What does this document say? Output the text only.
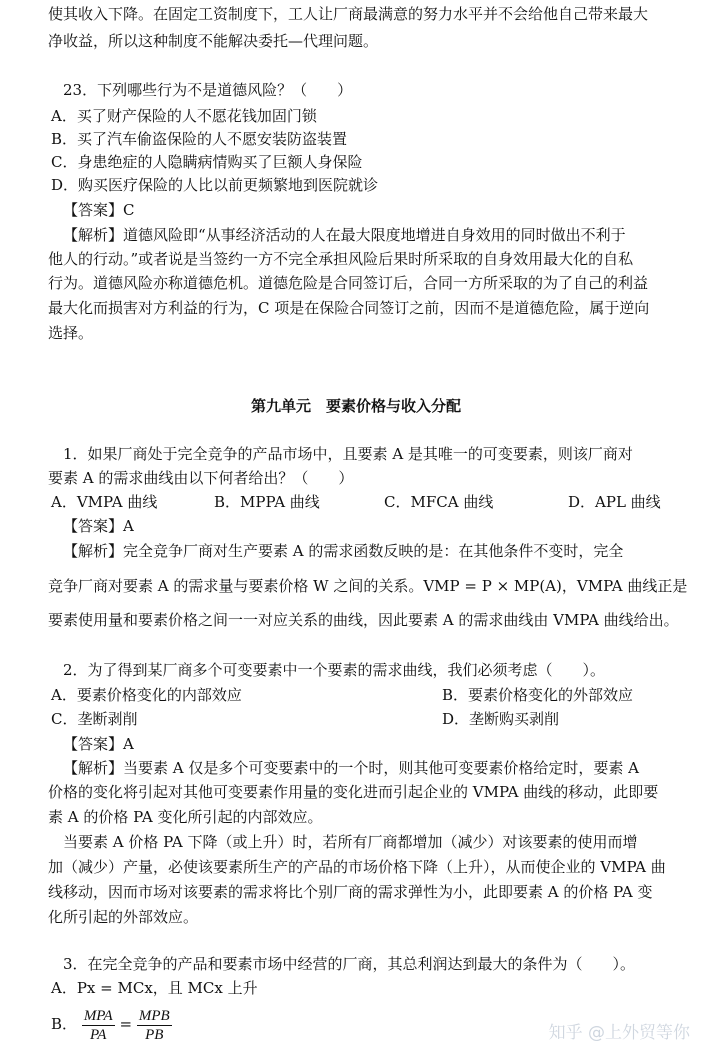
使其收入下降。在固定工资制度下，工人让厂商最满意的努力水平并不会给他自己带来最大
净收益，所以这种制度不能解决委托—代理问题。
23．下列哪些行为不是道德风险？（　　）
A．买了财产保险的人不愿花钱加固门锁
B．买了汽车偷盗保险的人不愿安装防盗装置
C．身患绝症的人隐瞒病情购买了巨额人身保险
D．购买医疗保险的人比以前更频繁地到医院就诊
【答案】C
【解析】道德风险即“从事经济活动的人在最大限度地增进自身效用的同时做出不利于
他人的行动。”或者说是当签约一方不完全承担风险后果时所采取的自身效用最大化的自私
行为。道德风险亦称道德危机。道德危险是合同签订后，合同一方所采取的为了自己的利益
最大化而损害对方利益的行为，C 项是在保险合同签订之前，因而不是道德危险，属于逆向
选择。
第九单元　要素价格与收入分配
1．如果厂商处于完全竞争的产品市场中，且要素 A 是其唯一的可变要素，则该厂商对
要素 A 的需求曲线由以下何者给出？（　　）
A．VMPA 曲线	B．MPPA 曲线	C．MFCA 曲线	D．APL 曲线
【答案】A
【解析】完全竞争厂商对生产要素 A 的需求函数反映的是：在其他条件不变时，完全
竞争厂商对要素 A 的需求量与要素价格 W 之间的关系。VMP = P × MP(A)，VMPA 曲线正是
要素使用量和要素价格之间一一对应关系的曲线，因此要素 A 的需求曲线由 VMPA 曲线给出。
2．为了得到某厂商多个可变要素中一个要素的需求曲线，我们必须考虑（　　）。
A．要素价格变化的内部效应	B．要素价格变化的外部效应
C．垄断剥削	D．垄断购买剥削
【答案】A
【解析】当要素 A 仅是多个可变要素中的一个时，则其他可变要素价格给定时，要素 A
价格的变化将引起对其他可变要素作用量的变化进而引起企业的 VMPA 曲线的移动，此即要
素 A 的价格 PA 变化所引起的内部效应。
当要素 A 价格 PA 下降（或上升）时，若所有厂商都增加（减少）对该要素的使用而增
加（减少）产量，必使该要素所生产的产品的市场价格下降（上升），从而使企业的 VMPA 曲
线移动，因而市场对该要素的需求将比个别厂商的需求弹性为小，此即要素 A 的价格 PA 变
化所引起的外部效应。
3．在完全竞争的产品和要素市场中经营的厂商，其总利润达到最大的条件为（　　）。
A．Px = MCx，且 MCx 上升
B． $\frac{\text{MPA}}{PA} = \frac{\text{MPB}}{PB}$	知乎 @上外贸等你
